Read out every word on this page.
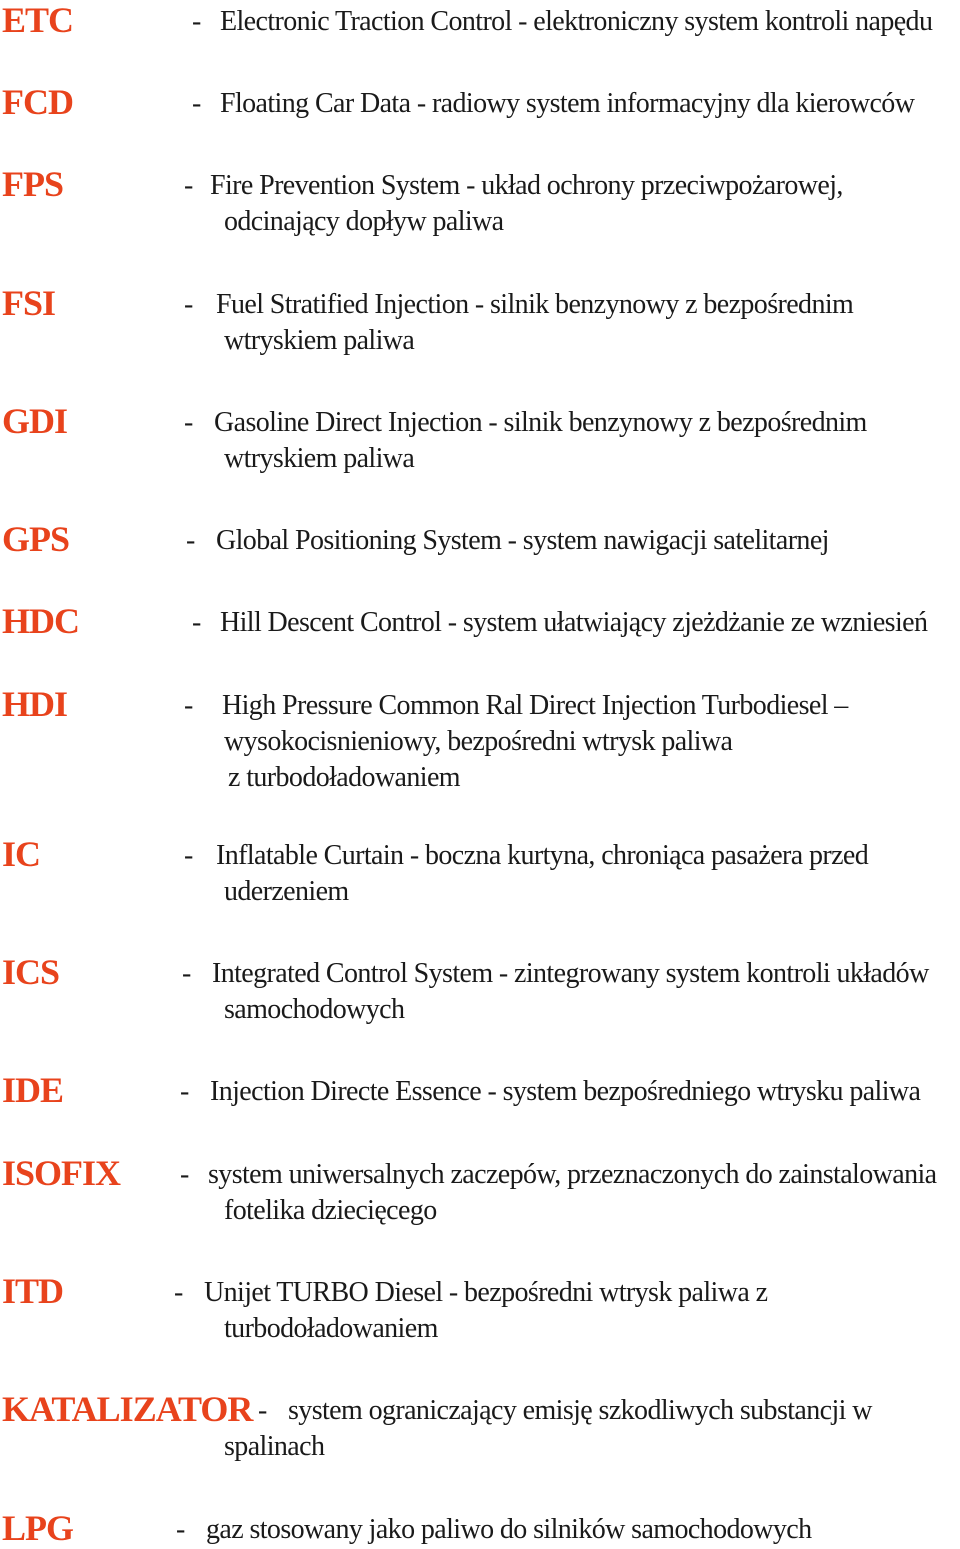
ETC	- Electronic Traction Control - elektroniczny system kontroli napędu
FCD	- Floating Car Data - radiowy system informacyjny dla kierowców
FPS	- Fire Prevention System - układ ochrony przeciwpożarowej,
odcinający dopływ paliwa
FSI	- Fuel Stratified Injection - silnik benzynowy z bezpośrednim
wtryskiem paliwa
GDI	- Gasoline Direct Injection - silnik benzynowy z bezpośrednim
wtryskiem paliwa
GPS	- Global Positioning System - system nawigacji satelitarnej
HDC	- Hill Descent Control - system ułatwiający zjeżdżanie ze wzniesień
HDI	- High Pressure Common Ral Direct Injection Turbodiesel –
wysokocisnieniowy, bezpośredni wtrysk paliwa
z turbodoładowaniem
IC	- Inflatable Curtain - boczna kurtyna, chroniąca pasażera przed
uderzeniem
ICS	- Integrated Control System - zintegrowany system kontroli układów
samochodowych
IDE	- Injection Directe Essence - system bezpośredniego wtrysku paliwa
ISOFIX - system uniwersalnych zaczepów, przeznaczonych do zainstalowania
fotelika dziecięcego
ITD	- Unijet TURBO Diesel - bezpośredni wtrysk paliwa z
turbodoładowaniem
KATALIZATOR - system ograniczający emisję szkodliwych substancji w
spalinach
LPG	- gaz stosowany jako paliwo do silników samochodowych
